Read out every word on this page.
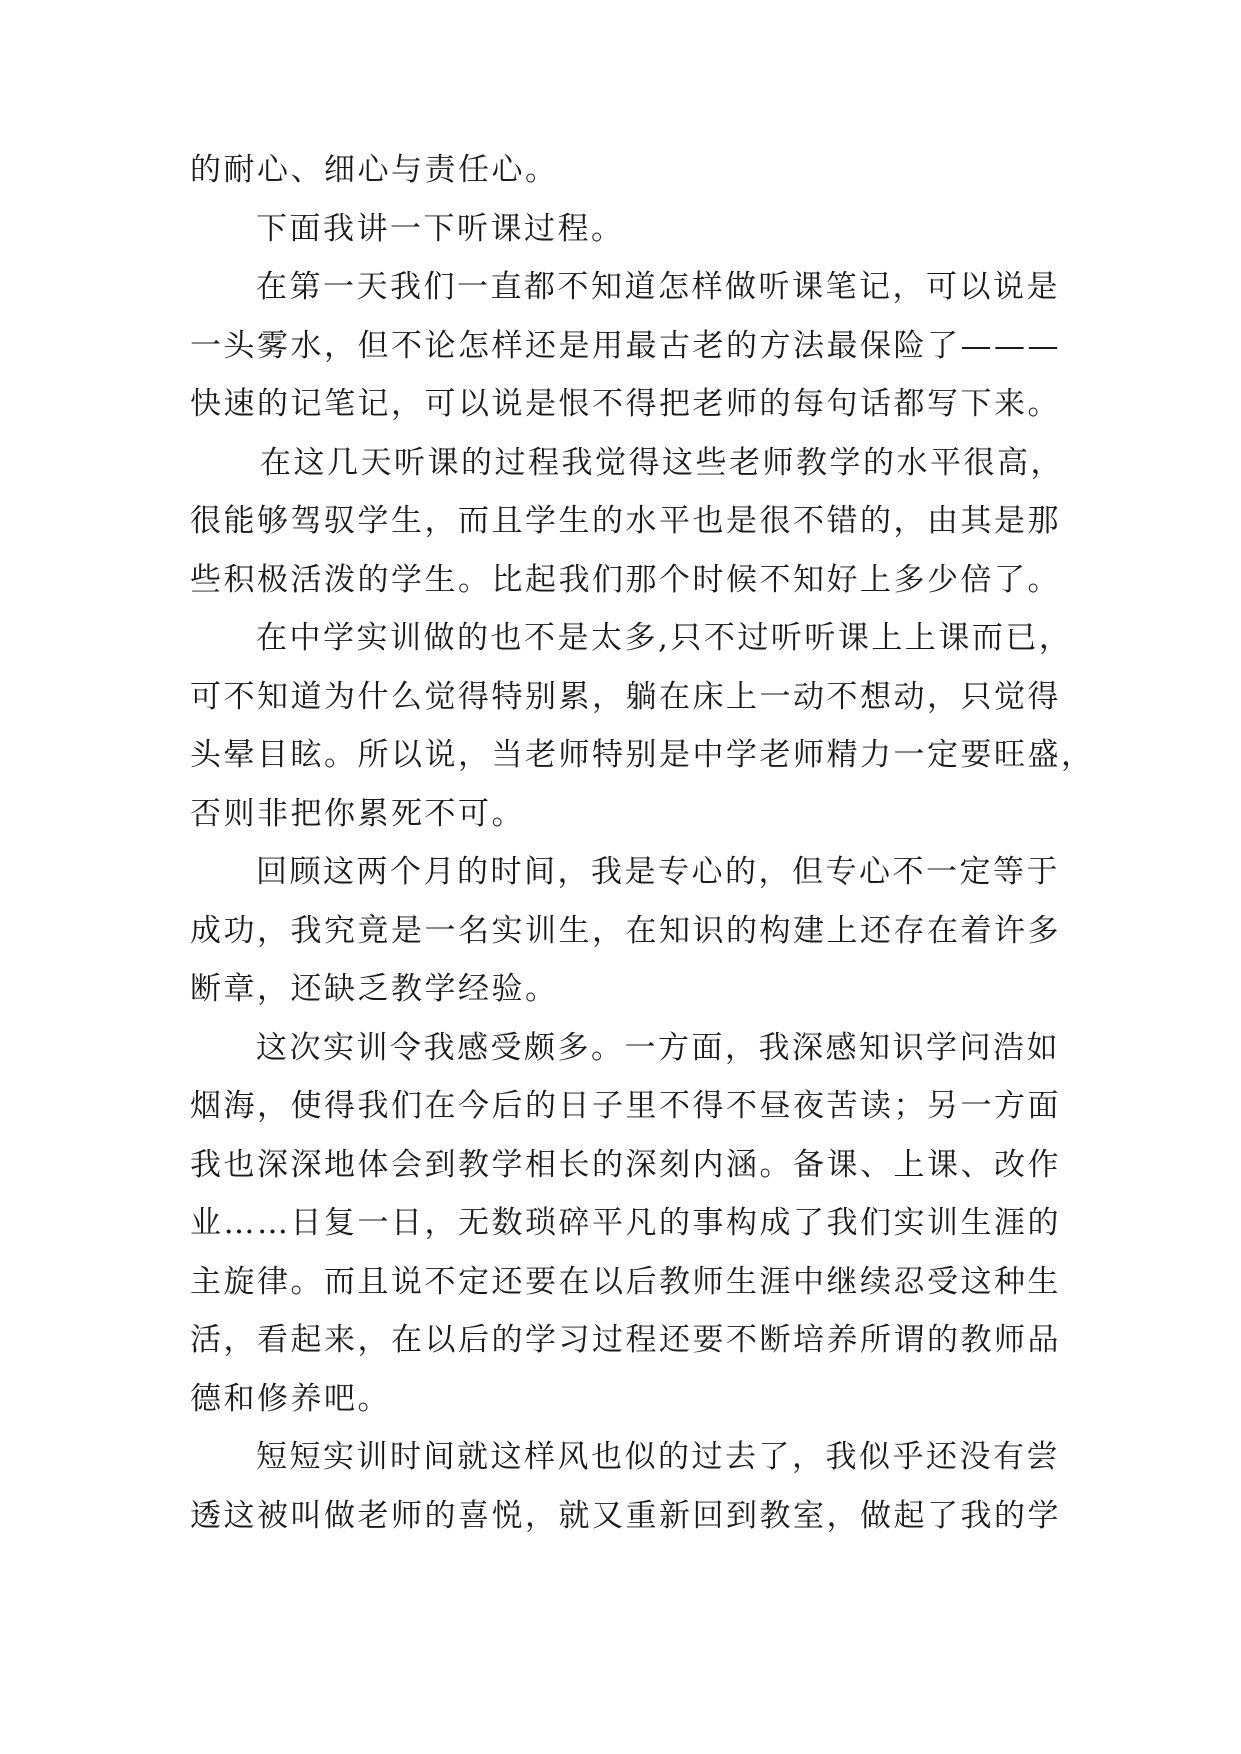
的耐心、细心与责任心。

下面我讲一下听课过程。

在第一天我们一直都不知道怎样做听课笔记，可以说是

一头雾水，但不论怎样还是用最古老的方法最保险了———

快速的记笔记，可以说是恨不得把老师的每句话都写下来。

在这几天听课的过程我觉得这些老师教学的水平很高，

很能够驾驭学生，而且学生的水平也是很不错的，由其是那

些积极活泼的学生。比起我们那个时候不知好上多少倍了。

在中学实训做的也不是太多,只不过听听课上上课而已，

可不知道为什么觉得特别累，躺在床上一动不想动，只觉得

头晕目眩。所以说，当老师特别是中学老师精力一定要旺盛，

否则非把你累死不可。

回顾这两个月的时间，我是专心的，但专心不一定等于

成功，我究竟是一名实训生，在知识的构建上还存在着许多

断章，还缺乏教学经验。

这次实训令我感受颇多。一方面，我深感知识学问浩如

烟海，使得我们在今后的日子里不得不昼夜苦读；另一方面

我也深深地体会到教学相长的深刻内涵。备课、上课、改作

业……日复一日，无数琐碎平凡的事构成了我们实训生涯的

主旋律。而且说不定还要在以后教师生涯中继续忍受这种生

活，看起来，在以后的学习过程还要不断培养所谓的教师品

德和修养吧。

短短实训时间就这样风也似的过去了，我似乎还没有尝

透这被叫做老师的喜悦，就又重新回到教室，做起了我的学
